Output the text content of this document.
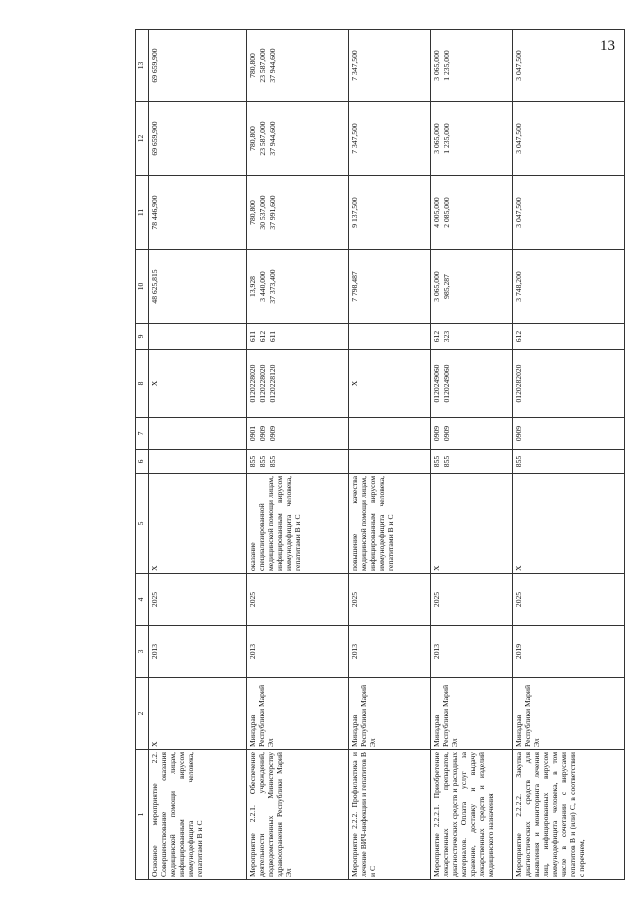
13
1	2	3	4	5	6	7	8	9	10	11	12	13

Основное мероприятие 2.2. Совершенствование оказания медицинской помощи лицам, инфицированным вирусом иммунодефицита человека, гепатитами В и С	Х	2013	2025	Х			Х		48 625,815	78 446,900	69 659,900	69 659,900

Мероприятие 2.2.1. Обеспечение деятельности учреждений, подведомственных Министерству здравоохранения Республики Марий Эл	Минздрав Республики Марий Эл	2013	2025	оказание специализированной медицинской помощи лицам, инфицированным вирусом иммунодефицита человека, гепатитами В и С	855 855 855	0901 0909 0909	0120228020 0120228020 0120228120	611 612 611	13,928 3 440,000 37 373,400	780,800 30 537,000 37 991,600	780,800 23 587,000 37 944,600	780,800 23 587,000 37 944,600

Мероприятие 2.2.2. Профилактика и лечение ВИЧ-инфекции и гепатитов В и С	Минздрав Республики Марий Эл	2013	2025	повышение качества медицинской помощи лицам, инфицированным вирусом иммунодефицита человека, гепатитами В и С			Х		7 798,487	9 137,500	7 347,500	7 347,500

Мероприятие 2.2.2.1. Приобретение лекарственных препаратов, диагностических средств и расходных материалов. Оплата услуг за хранение, доставку и выдачу лекарственных средств и изделий медицинского назначения	Минздрав Республики Марий Эл	2013	2025	Х	855 855	0909 0909	0120249060 0120249060	612 323	3 065,000 985,287	4 005,000 2 085,000	3 065,000 1 235,000	3 065,000 1 235,000

Мероприятие 2.2.2.2. Закупка диагностических средств для выявления и мониторинга лечения лиц, инфицированных вирусом иммунодефицита человека, в том числе в сочетании с вирусами гепатитов В и (или) С, в соответствии с перечнем,	Минздрав Республики Марий Эл	2019	2025	Х	855	0909	0120282020	612	3 748,200	3 047,500	3 047,500	3 047,500
